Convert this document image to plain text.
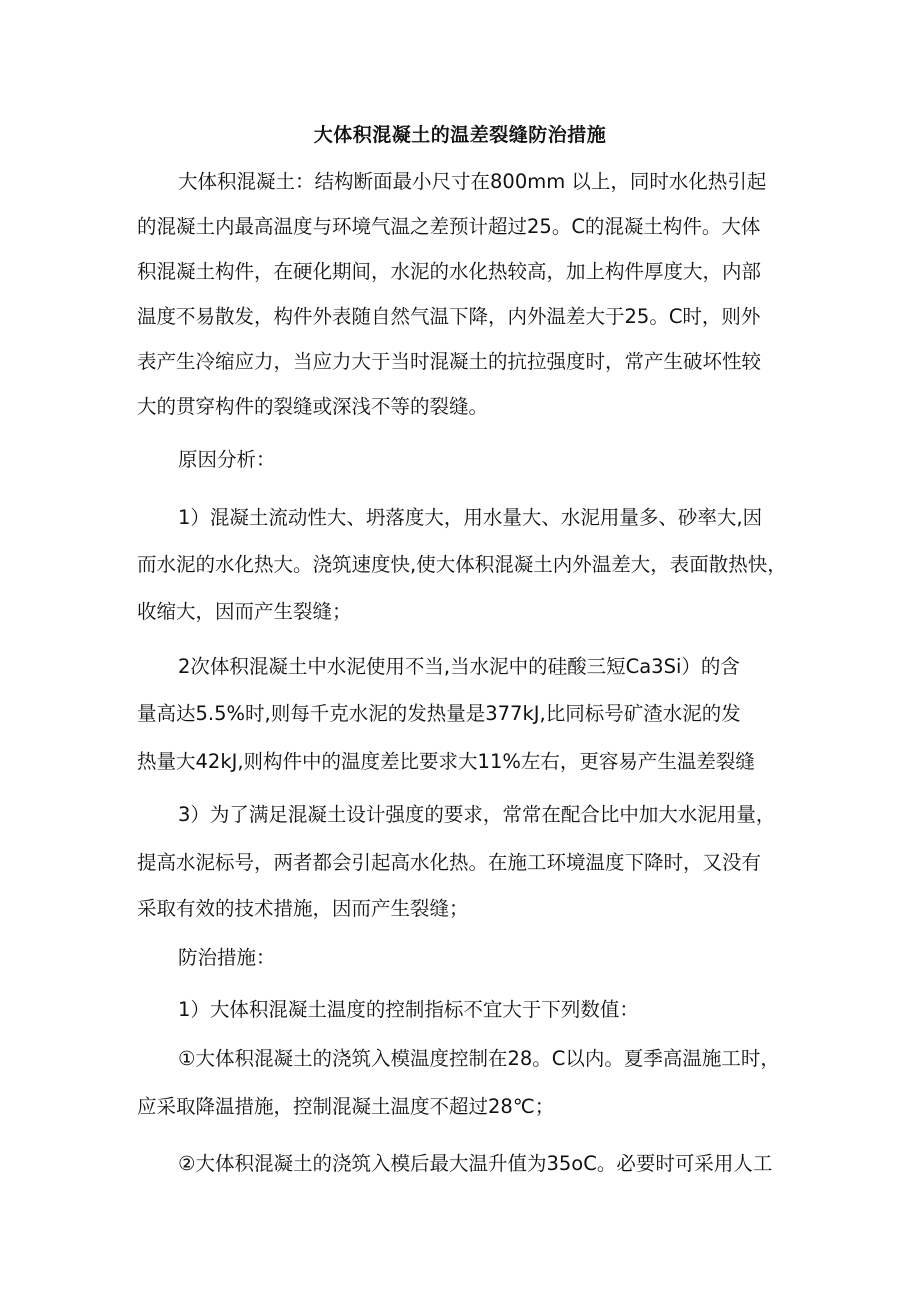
大体积混凝土的温差裂缝防治措施
大体积混凝土：结构断面最小尺寸在800mm 以上，同时水化热引起
的混凝土内最高温度与环境气温之差预计超过25。C的混凝土构件。大体
积混凝土构件，在硬化期间，水泥的水化热较高，加上构件厚度大，内部
温度不易散发，构件外表随自然气温下降，内外温差大于25。C时，则外
表产生冷缩应力，当应力大于当时混凝土的抗拉强度时，常产生破坏性较
大的贯穿构件的裂缝或深浅不等的裂缝。
原因分析：
1）混凝土流动性大、坍落度大，用水量大、水泥用量多、砂率大,因
而水泥的水化热大。浇筑速度快,使大体积混凝土内外温差大，表面散热快，
收缩大，因而产生裂缝；
2次体积混凝土中水泥使用不当,当水泥中的硅酸三短Ca3Si）的含
量高达5.5%时,则每千克水泥的发热量是377kJ,比同标号矿渣水泥的发
热量大42kJ,则构件中的温度差比要求大11%左右，更容易产生温差裂缝
3）为了满足混凝土设计强度的要求，常常在配合比中加大水泥用量，
提高水泥标号，两者都会引起高水化热。在施工环境温度下降时，又没有
采取有效的技术措施，因而产生裂缝；
防治措施：
1）大体积混凝土温度的控制指标不宜大于下列数值：
①大体积混凝土的浇筑入模温度控制在28。C以内。夏季高温施工时，
应采取降温措施，控制混凝土温度不超过28℃；
②大体积混凝土的浇筑入模后最大温升值为35oC。必要时可采用人工
